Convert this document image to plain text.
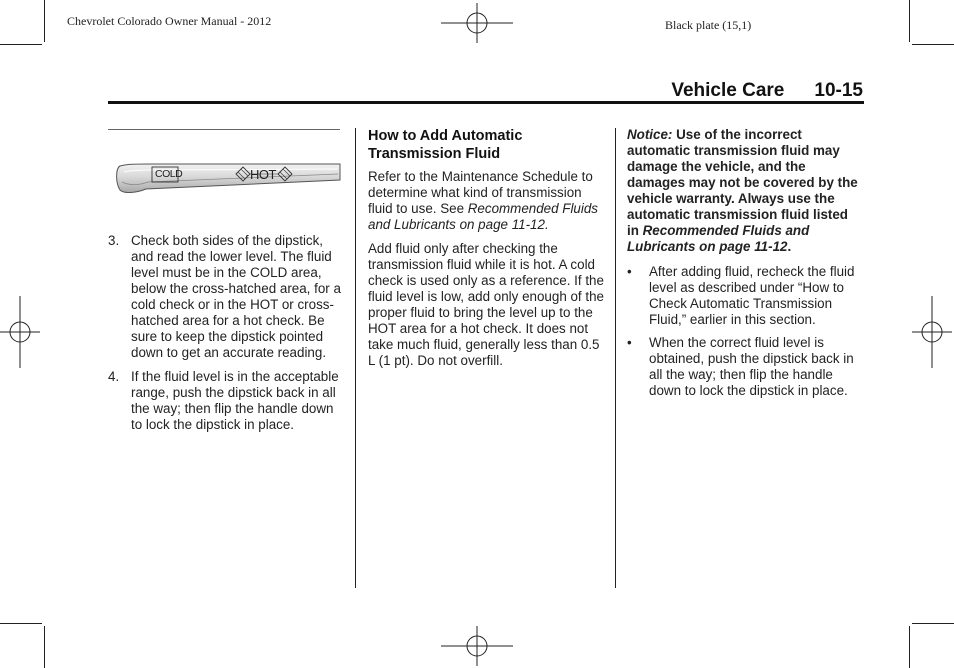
Chevrolet Colorado Owner Manual - 2012	Black plate (15,1)
Vehicle Care 10-15
COLD	HOT
3. Check both sides of the dipstick, and read the lower level. The fluid level must be in the COLD area, below the cross-hatched area, for a cold check or in the HOT or cross-hatched area for a hot check. Be sure to keep the dipstick pointed down to get an accurate reading.
4. If the fluid level is in the acceptable range, push the dipstick back in all the way; then flip the handle down to lock the dipstick in place.
How to Add Automatic Transmission Fluid

Refer to the Maintenance Schedule to determine what kind of transmission fluid to use. See Recommended Fluids and Lubricants on page 11-12.

Add fluid only after checking the transmission fluid while it is hot. A cold check is used only as a reference. If the fluid level is low, add only enough of the proper fluid to bring the level up to the HOT area for a hot check. It does not take much fluid, generally less than 0.5 L (1 pt). Do not overfill.

Notice: Use of the incorrect automatic transmission fluid may damage the vehicle, and the damages may not be covered by the vehicle warranty. Always use the automatic transmission fluid listed in Recommended Fluids and Lubricants on page 11-12.

• After adding fluid, recheck the fluid level as described under “How to Check Automatic Transmission Fluid,” earlier in this section.
• When the correct fluid level is obtained, push the dipstick back in all the way; then flip the handle down to lock the dipstick in place.
